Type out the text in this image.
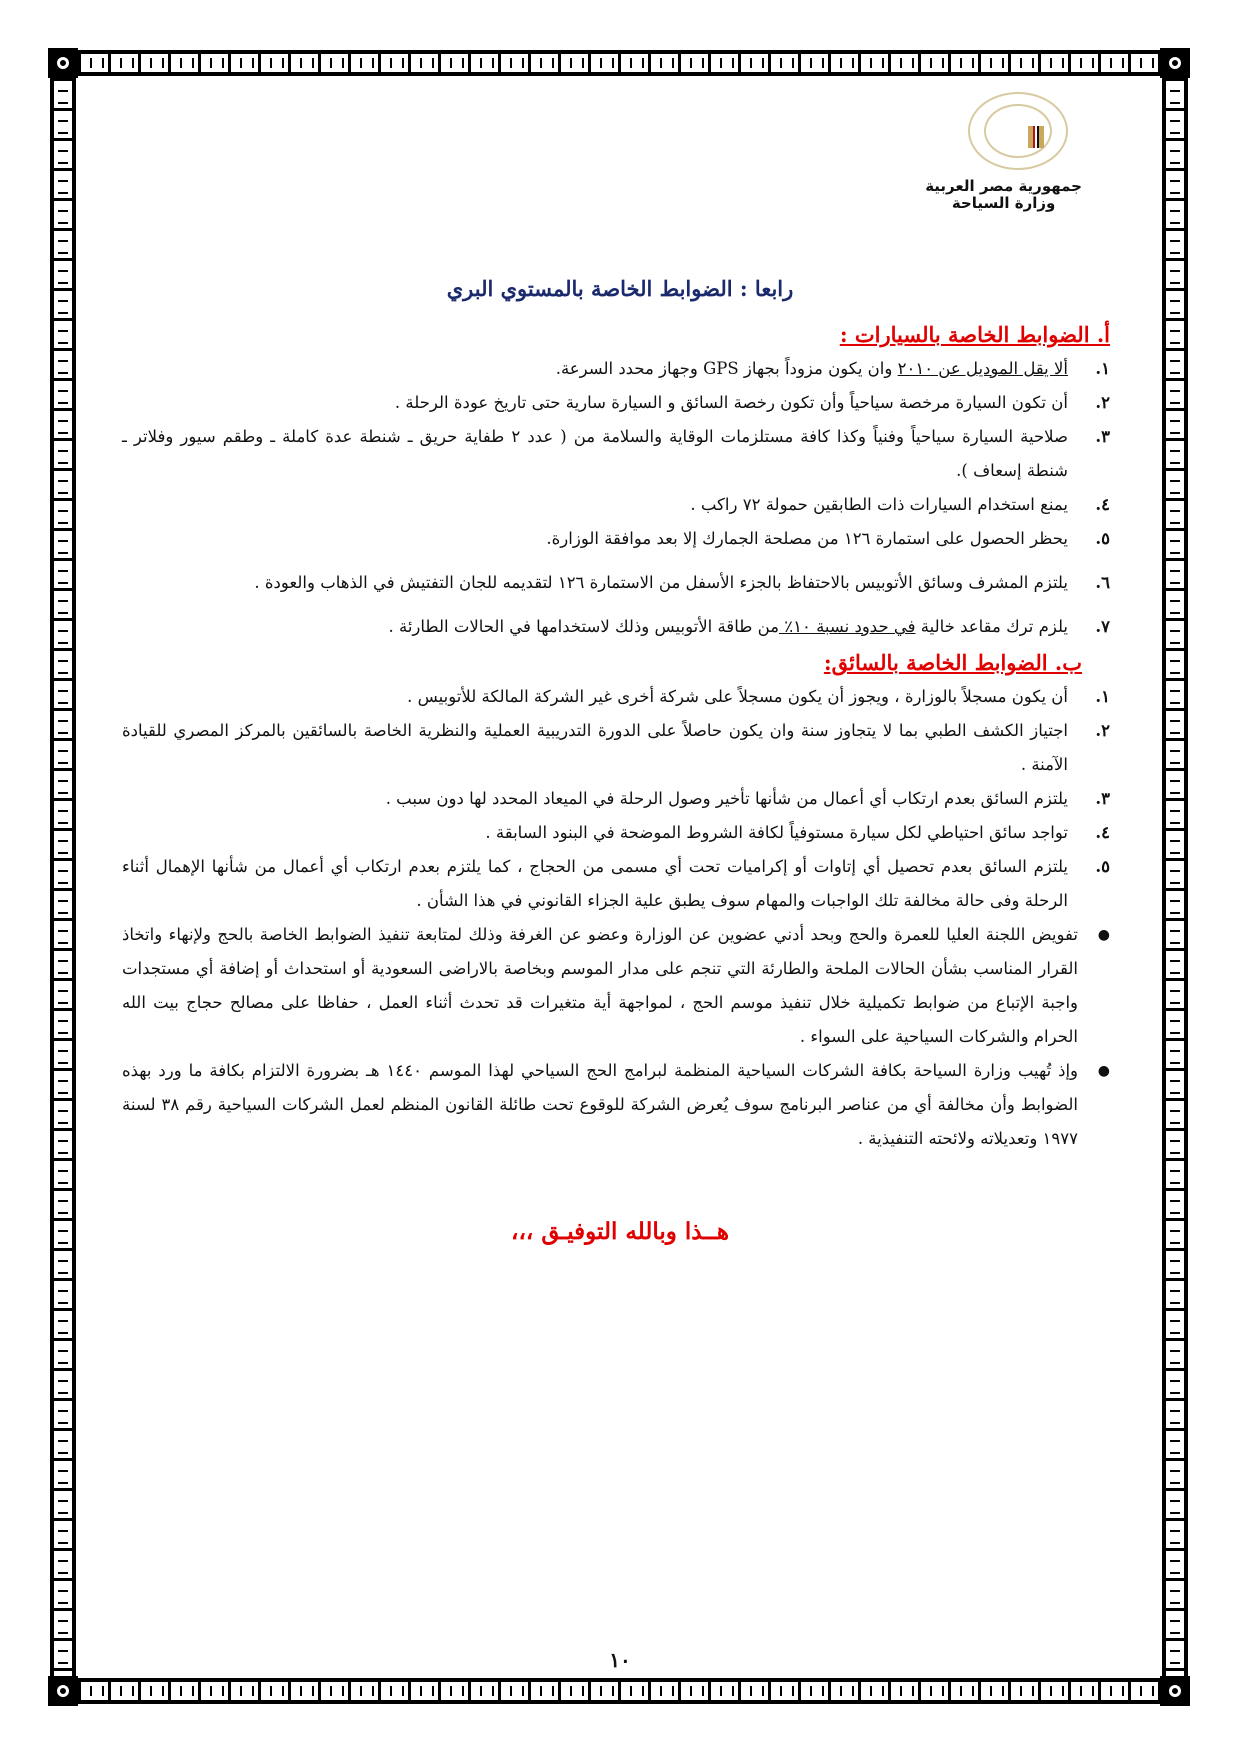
جمهورية مصر العربية
وزارة السياحة
رابعا : الضوابط الخاصة بالمستوي البري
أ. الضوابط الخاصة بالسيارات :
١.
ألا يقل الموديل عن ٢٠١٠ وان يكون مزوداً بجهاز GPS وجهاز محدد السرعة.
٢.
أن تكون السيارة مرخصة سياحياً وأن تكون رخصة السائق و السيارة سارية حتى تاريخ عودة الرحلة .
٣.
صلاحية السيارة سياحياً وفنياً وكذا كافة مستلزمات الوقاية والسلامة من ( عدد ٢ طفاية حريق ـ شنطة عدة كاملة ـ وطقم سيور وفلاتر ـ شنطة إسعاف ).
٤.
يمنع استخدام السيارات ذات الطابقين حمولة ٧٢ راكب .
٥.
يحظر الحصول على استمارة ١٢٦ من مصلحة الجمارك إلا بعد موافقة الوزارة.
٦.
يلتزم المشرف وسائق الأتوبيس بالاحتفاظ بالجزء الأسفل من الاستمارة ١٢٦ لتقديمه للجان التفتيش في الذهاب والعودة .
٧.
يلزم ترك مقاعد خالية في حدود نسبة ١٠٪ من طاقة الأتوبيس وذلك لاستخدامها في الحالات الطارئة .
ب. الضوابط الخاصة بالسائق:
١.
أن يكون مسجلاً بالوزارة ، ويجوز أن يكون مسجلاً على شركة أخرى غير الشركة المالكة للأتوبيس .
٢.
اجتياز الكشف الطبي بما لا يتجاوز سنة وان يكون حاصلاً على الدورة التدريبية العملية والنظرية الخاصة بالسائقين بالمركز المصري للقيادة الآمنة .
٣.
يلتزم السائق بعدم ارتكاب أي أعمال من شأنها تأخير وصول الرحلة في الميعاد المحدد لها دون سبب .
٤.
تواجد سائق احتياطي لكل سيارة مستوفياً لكافة الشروط الموضحة في البنود السابقة .
٥.
يلتزم السائق بعدم تحصيل أي إتاوات أو إكراميات تحت أي مسمى من الحجاج ، كما يلتزم بعدم ارتكاب أي أعمال من شأنها الإهمال أثناء الرحلة وفى حالة مخالفة تلك الواجبات والمهام سوف يطبق علية الجزاء القانوني في هذا الشأن .
●
تفويض اللجنة العليا للعمرة والحج وبحد أدني عضوين عن الوزارة وعضو عن الغرفة وذلك لمتابعة تنفيذ الضوابط الخاصة بالحج ولإنهاء واتخاذ القرار المناسب بشأن الحالات الملحة والطارئة التي تنجم على مدار الموسم وبخاصة بالاراضى السعودية أو استحداث أو إضافة أي مستجدات واجبة الإتباع من ضوابط تكميلية خلال تنفيذ موسم الحج ، لمواجهة أية متغيرات قد تحدث أثناء العمل ، حفاظا على مصالح حجاج بيت الله الحرام والشركات السياحية على السواء .
●
وإذ تُهيب وزارة السياحة بكافة الشركات السياحية المنظمة لبرامج الحج السياحي لهذا الموسم ١٤٤٠ هـ بضرورة الالتزام بكافة ما ورد بهذه الضوابط وأن مخالفة أي من عناصر البرنامج سوف يُعرض الشركة للوقوع تحت طائلة القانون المنظم لعمل الشركات السياحية رقم ٣٨ لسنة ١٩٧٧ وتعديلاته ولائحته التنفيذية .
هــذا وبالله التوفيـق ،،،
١٠
